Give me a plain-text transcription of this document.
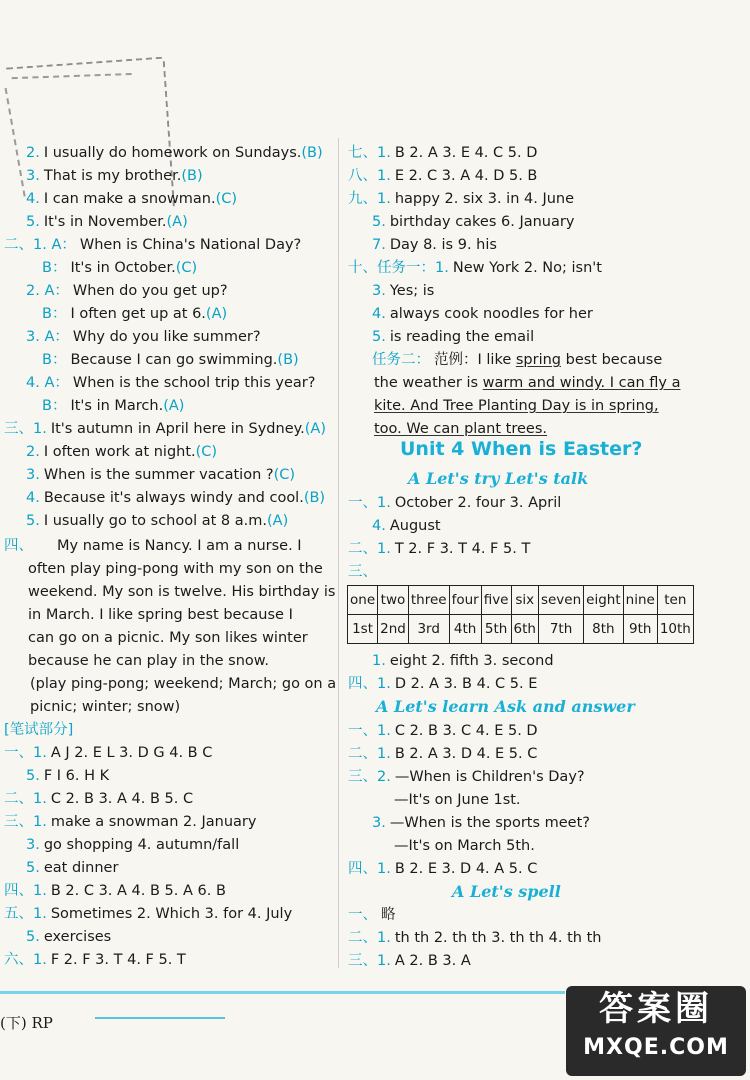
2. I usually do homework on Sundays.(B)
3. That is my brother.(B)
4. I can make a snowman.(C)
5. It's in November.(A)
二、1. A： When is China's National Day?
B： It's in October.(C)
2. A： When do you get up?
B： I often get up at 6.(A)
3. A： Why do you like summer?
B： Because I can go swimming.(B)
4. A： When is the school trip this year?
B： It's in March.(A)
三、1. It's autumn in April here in Sydney.(A)
2. I often work at night.(C)
3. When is the summer vacation ?(C)
4. Because it's always windy and cool.(B)
5. I usually go to school at 8 a.m.(A)
四、 My name is Nancy. I am a nurse. I
often play ping-pong with my son on the
weekend. My son is twelve. His birthday is
in March. I like spring best because I
can go on a picnic. My son likes winter
because he can play in the snow.
(play ping-pong; weekend; March; go on a
picnic; winter; snow)
[笔试部分]
一、1. A J 2. E L 3. D G 4. B C
5. F I 6. H K
二、1. C 2. B 3. A 4. B 5. C
三、1. make a snowman 2. January
3. go shopping 4. autumn/fall
5. eat dinner
四、1. B 2. C 3. A 4. B 5. A 6. B
五、1. Sometimes 2. Which 3. for 4. July
5. exercises
六、1. F 2. F 3. T 4. F 5. T
七、1. B 2. A 3. E 4. C 5. D
八、1. E 2. C 3. A 4. D 5. B
九、1. happy 2. six 3. in 4. June
5. birthday cakes 6. January
7. Day 8. is 9. his
十、任务一：1. New York 2. No; isn't
3. Yes; is
4. always cook noodles for her
5. is reading the email
任务二： 范例：I like spring best because
the weather is warm and windy. I can fly a
kite. And Tree Planting Day is in spring,
too. We can plant trees.
Unit 4 When is Easter?
A Let's try Let's talk
一、1. October 2. four 3. April
4. August
二、1. T 2. F 3. T 4. F 5. T
三、
one	two	three	four	five	six	seven	eight	nine	ten
1st	2nd	3rd	4th	5th	6th	7th	8th	9th	10th
1. eight 2. fifth 3. second
四、1. D 2. A 3. B 4. C 5. E
A Let's learn Ask and answer
一、1. C 2. B 3. C 4. E 5. D
二、1. B 2. A 3. D 4. E 5. C
三、2. —When is Children's Day?
—It's on June 1st.
3. —When is the sports meet?
—It's on March 5th.
四、1. B 2. E 3. D 4. A 5. C
A Let's spell
一、 略
二、1. th th 2. th th 3. th th 4. th th
三、1. A 2. B 3. A
(下) RP	答案圈
MXQE.COM
